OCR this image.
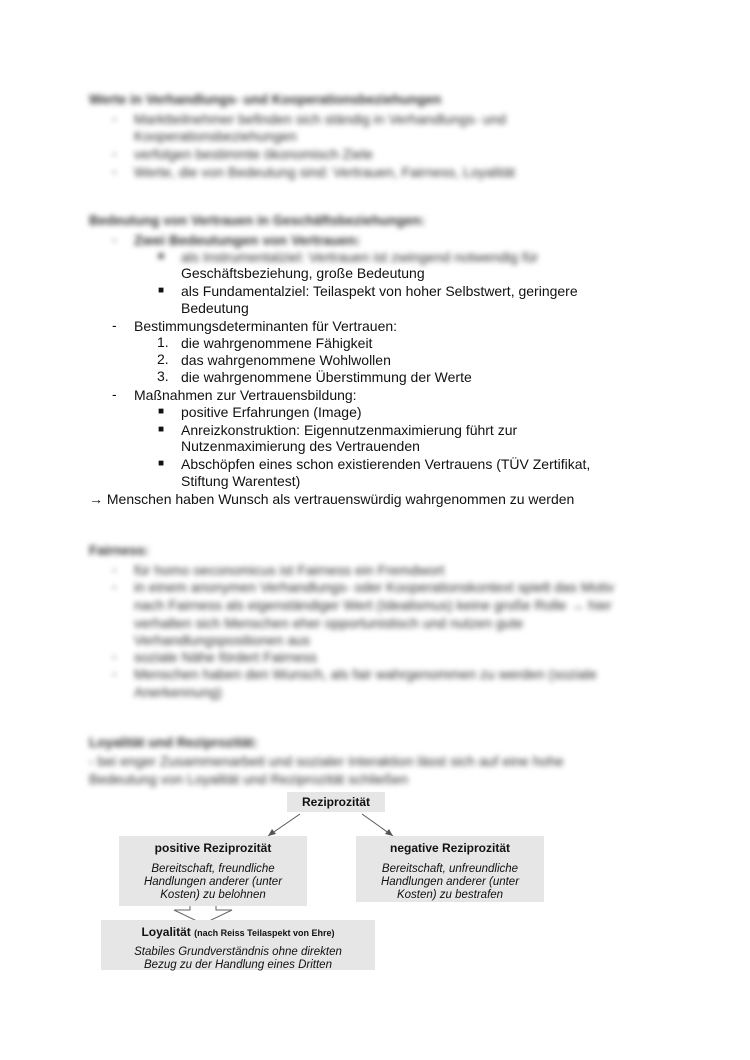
Werte in Verhandlungs- und Kooperationsbeziehungen
- Marktteilnehmer befinden sich ständig in Verhandlungs- und
Kooperationsbeziehungen
- verfolgen bestimmte ökonomisch Ziele
- Werte, die von Bedeutung sind: Vertrauen, Fairness, Loyalität
Bedeutung von Vertrauen in Geschäftsbeziehungen:
- Zwei Bedeutungen von Vertrauen:
■ als Instrumentalziel: Vertrauen ist zwingend notwendig für
Geschäftsbeziehung, große Bedeutung
■ als Fundamentalziel: Teilaspekt von hoher Selbstwert, geringere
Bedeutung
- Bestimmungsdeterminanten für Vertrauen:
1. die wahrgenommene Fähigkeit
2. das wahrgenommene Wohlwollen
3. die wahrgenommene Überstimmung der Werte
- Maßnahmen zur Vertrauensbildung:
■ positive Erfahrungen (Image)
■ Anreizkonstruktion: Eigennutzenmaximierung führt zur
Nutzenmaximierung des Vertrauenden
■ Abschöpfen eines schon existierenden Vertrauens (TÜV Zertifikat,
Stiftung Warentest)
→ Menschen haben Wunsch als vertrauenswürdig wahrgenommen zu werden
Fairness:
- für homo oeconomicus ist Fairness ein Fremdwort
- in einem anonymen Verhandlungs- oder Kooperationskontext spielt das Motiv
nach Fairness als eigenständiger Wert (Idealismus) keine große Rolle → hier
verhalten sich Menschen eher opportunistisch und nutzen gute
Verhandlungspositionen aus
- soziale Nähe fördert Fairness
- Menschen haben den Wunsch, als fair wahrgenommen zu werden (soziale
Anerkennung)
Loyalität und Reziprozität:
- bei enger Zusammenarbeit und sozialer Interaktion lässt sich auf eine hohe
Bedeutung von Loyalität und Reziprozität schließen
Reziprozität
positive Reziprozität
Bereitschaft, freundliche
Handlungen anderer (unter
Kosten) zu belohnen
negative Reziprozität
Bereitschaft, unfreundliche
Handlungen anderer (unter
Kosten) zu bestrafen
Loyalität (nach Reiss Teilaspekt von Ehre)
Stabiles Grundverständnis ohne direkten
Bezug zu der Handlung eines Dritten
